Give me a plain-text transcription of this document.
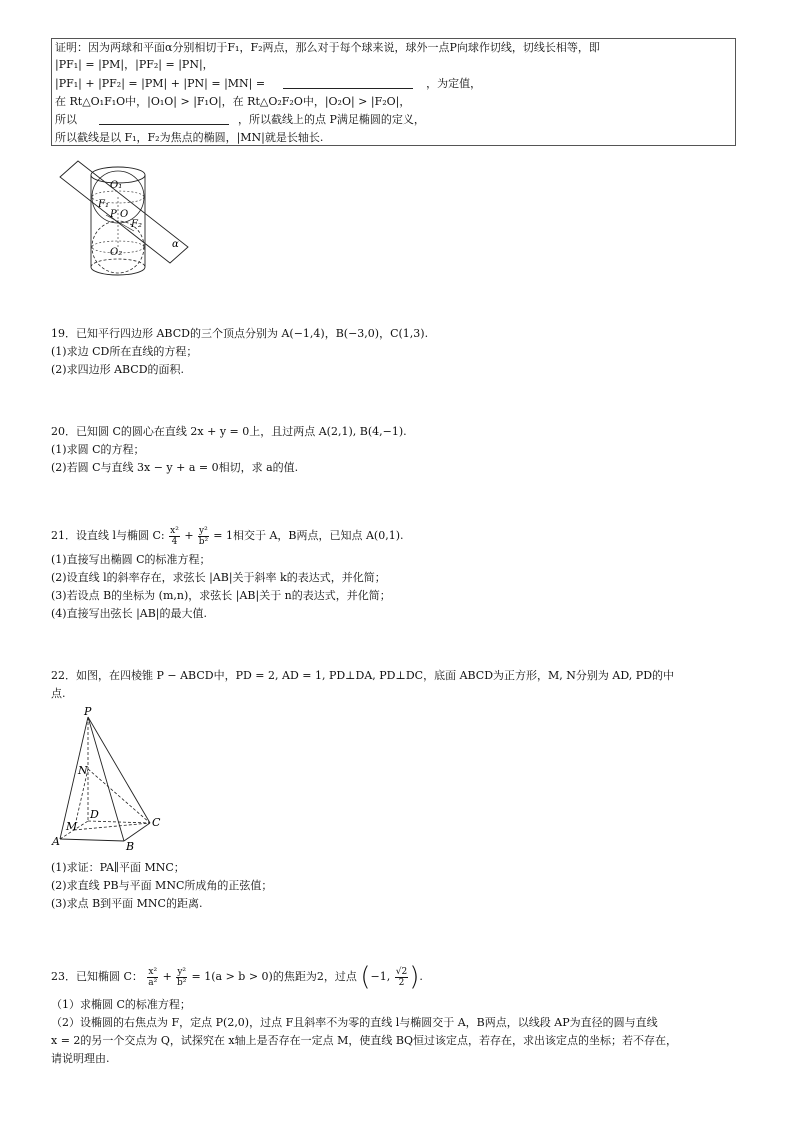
证明：因为两球和平面α分别相切于F₁，F₂两点，那么对于每个球来说，球外一点P向球作切线，切线长相等，即
|PF₁| = |PM|，|PF₂| = |PN|，
|PF₁| + |PF₂| = |PM| + |PN| = |MN| =	，为定值，
在 Rt△O₁F₁O中，|O₁O| > |F₁O|，在 Rt△O₂F₂O中，|O₂O| > |F₂O|，
所以	，所以截线上的点 P满足椭圆的定义，
所以截线是以 F₁，F₂为焦点的椭圆，|MN|就是长轴长.
O₁
F₁
P O
F₂
O₂
α
19．已知平行四边形 ABCD的三个顶点分别为 A(−1,4)，B(−3,0)，C(1,3).
(1)求边 CD所在直线的方程；
(2)求四边形 ABCD的面积.
20．已知圆 C的圆心在直线 2x + y = 0上，且过两点 A(2,1), B(4,−1).
(1)求圆 C的方程；
(2)若圆 C与直线 3x − y + a = 0相切，求 a的值.
21．设直线 l与椭圆 C: $\frac{\text{x²}}{4} + \frac{\text{y²}}{\text{b²}} = 1$相交于 A，B两点，已知点 A(0,1).
(1)直接写出椭圆 C的标准方程；
(2)设直线 l的斜率存在，求弦长 |AB|关于斜率 k的表达式，并化简；
(3)若设点 B的坐标为 (m,n)，求弦长 |AB|关于 n的表达式，并化简；
(4)直接写出弦长 |AB|的最大值.
22．如图，在四棱锥 P − ABCD中，PD = 2, AD = 1, PD⊥DA, PD⊥DC，底面 ABCD为正方形，M, N分别为 AD, PD的中
点.
P
N
D
C
M
A	B
(1)求证：PA∥平面 MNC；
(2)求直线 PB与平面 MNC所成角的正弦值；
(3)求点 B到平面 MNC的距离.
23．已知椭圆 C： $\frac{\text{x²}}{\text{a²}} + \frac{\text{y²}}{\text{b²}} = 1(a > b > 0)$的焦距为2，过点 (−1, $\frac{√2}{2}$ ).
（1）求椭圆 C的标准方程；
（2）设椭圆的右焦点为 F，定点 P(2,0)，过点 F且斜率不为零的直线 l与椭圆交于 A，B两点，以线段 AP为直径的圆与直线
x = 2的另一个交点为 Q，试探究在 x轴上是否存在一定点 M，使直线 BQ恒过该定点，若存在，求出该定点的坐标；若不存在，
请说明理由.
